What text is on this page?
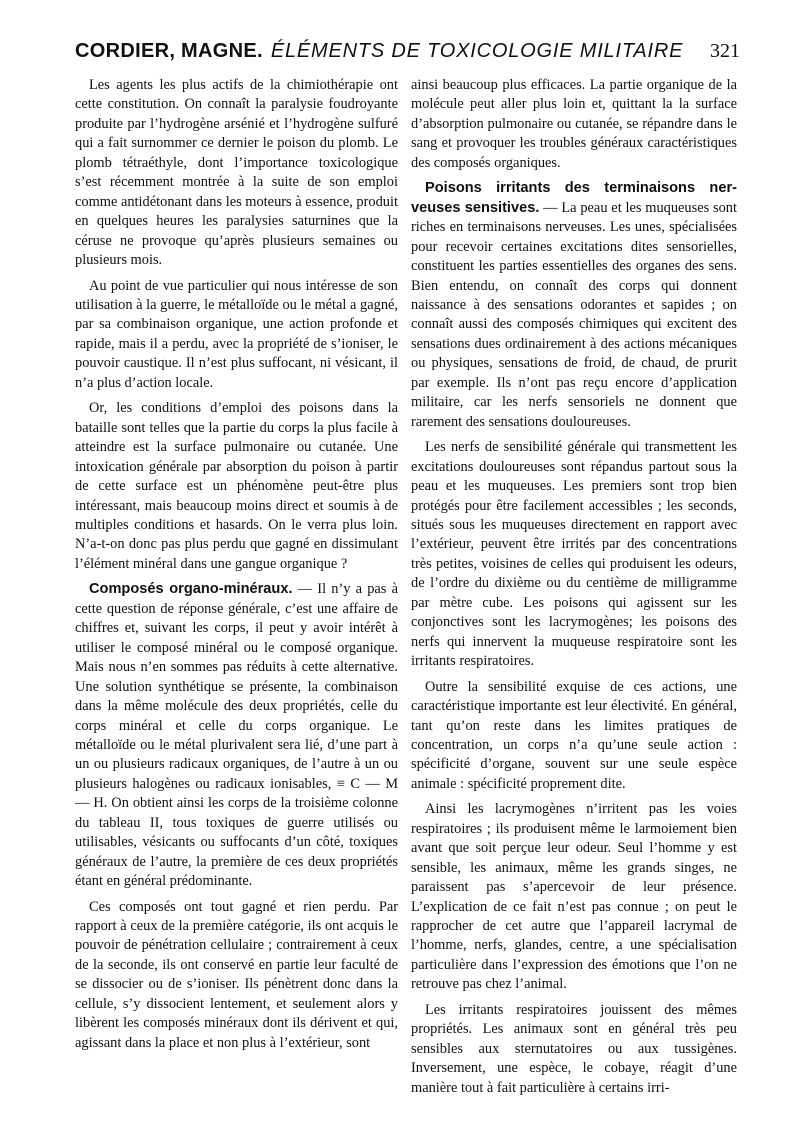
CORDIER, MAGNE. ÉLÉMENTS DE TOXICOLOGIE MILITAIRE 321

Les agents les plus actifs de la chimiothérapie ont cette constitution. On connaît la paralysie foudroyante produite par l’hydrogène arsénié et l’hydrogène sulfuré qui a fait surnommer ce dernier le poison du plomb. Le plomb tétraéthyle, dont l’importance toxicologique s’est récemment montrée à la suite de son emploi comme antidétonant dans les moteurs à essence, produit en quelques heures les paralysies saturnines que la céruse ne provoque qu’après plusieurs semaines ou plusieurs mois.

Au point de vue particulier qui nous intéresse de son utilisation à la guerre, le métalloïde ou le métal a gagné, par sa combinaison organique, une action profonde et rapide, mais il a perdu, avec la propriété de s’ioniser, le pouvoir caustique. Il n’est plus suffocant, ni vésicant, il n’a plus d’action locale.

Or, les conditions d’emploi des poisons dans la bataille sont telles que la partie du corps la plus facile à atteindre est la surface pulmonaire ou cutanée. Une intoxication générale par absorption du poison à partir de cette surface est un phénomène peut-être plus intéressant, mais beaucoup moins direct et soumis à de multiples conditions et hasards. On le verra plus loin. N’a-t-on donc pas plus perdu que gagné en dissimulant l’élément minéral dans une gangue organique ?

Composés organo-minéraux. — Il n’y a pas à cette question de réponse générale, c’est une affaire de chiffres et, suivant les corps, il peut y avoir intérêt à utiliser le composé minéral ou le composé organique. Mais nous n’en sommes pas réduits à cette alternative. Une solution synthétique se présente, la combinaison dans la même molécule des deux propriétés, celle du corps minéral et celle du corps organique. Le métalloïde ou le métal plurivalent sera lié, d’une part à un ou plusieurs radicaux organiques, de l’autre à un ou plusieurs halogènes ou radicaux ionisables, ≡ C — M — H. On obtient ainsi les corps de la troisième colonne du tableau II, tous toxiques de guerre utilisés ou utilisables, vésicants ou suffocants d’un côté, toxiques généraux de l’autre, la première de ces deux propriétés étant en général prédominante.

Ces composés ont tout gagné et rien perdu. Par rapport à ceux de la première catégorie, ils ont acquis le pouvoir de pénétration cellulaire ; contrairement à ceux de la seconde, ils ont conservé en partie leur faculté de se dissocier ou de s’ioniser. Ils pénètrent donc dans la cellule, s’y dissocient lentement, et seulement alors y libèrent les composés minéraux dont ils dérivent et qui, agissant dans la place et non plus à l’extérieur, sont

ainsi beaucoup plus efficaces. La partie organique de la molécule peut aller plus loin et, quittant la la surface d’absorption pulmonaire ou cutanée, se répandre dans le sang et provoquer les troubles généraux caractéristiques des composés organiques.

Poisons irritants des terminaisons nerveuses sensitives. — La peau et les muqueuses sont riches en terminaisons nerveuses. Les unes, spécialisées pour recevoir certaines excitations dites sensorielles, constituent les parties essentielles des organes des sens. Bien entendu, on connaît des corps qui donnent naissance à des sensations odorantes et sapides ; on connaît aussi des composés chimiques qui excitent des sensations dues ordinairement à des actions mécaniques ou physiques, sensations de froid, de chaud, de prurit par exemple. Ils n’ont pas reçu encore d’application militaire, car les nerfs sensoriels ne donnent que rarement des sensations douloureuses.

Les nerfs de sensibilité générale qui transmettent les excitations douloureuses sont répandus partout sous la peau et les muqueuses. Les premiers sont trop bien protégés pour être facilement accessibles ; les seconds, situés sous les muqueuses directement en rapport avec l’extérieur, peuvent être irrités par des concentrations très petites, voisines de celles qui produisent les odeurs, de l’ordre du dixième ou du centième de milligramme par mètre cube. Les poisons qui agissent sur les conjonctives sont les lacrymogènes; les poisons des nerfs qui innervent la muqueuse respiratoire sont les irritants respiratoires.

Outre la sensibilité exquise de ces actions, une caractéristique importante est leur électivité. En général, tant qu’on reste dans les limites pratiques de concentration, un corps n’a qu’une seule action : spécificité d’organe, souvent sur une seule espèce animale : spécificité proprement dite.

Ainsi les lacrymogènes n’irritent pas les voies respiratoires ; ils produisent même le larmoiement bien avant que soit perçue leur odeur. Seul l’homme y est sensible, les animaux, même les grands singes, ne paraissent pas s’apercevoir de leur présence. L’explication de ce fait n’est pas connue ; on peut le rapprocher de cet autre que l’appareil lacrymal de l’homme, nerfs, glandes, centre, a une spécialisation particulière dans l’expression des émotions que l’on ne retrouve pas chez l’animal.

Les irritants respiratoires jouissent des mêmes propriétés. Les animaux sont en général très peu sensibles aux sternutatoires ou aux tussigènes. Inversement, une espèce, le cobaye, réagit d’une manière tout à fait particulière à certains irri-
